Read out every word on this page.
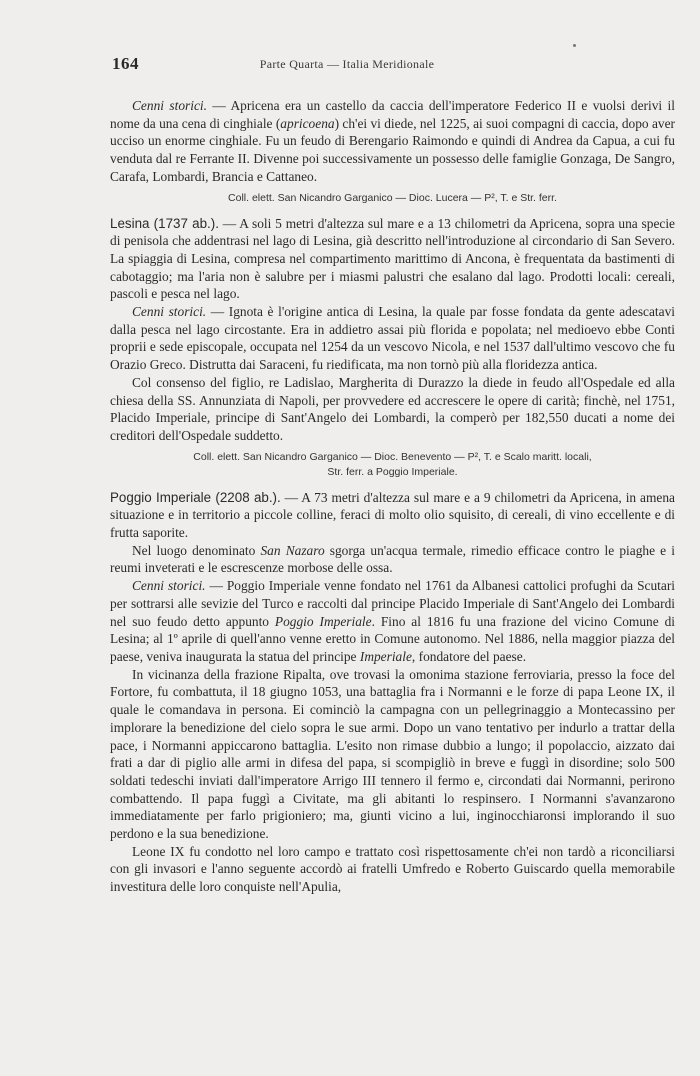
164	Parte Quarta — Italia Meridionale

Cenni storici. — Apricena era un castello da caccia dell'imperatore Federico II e vuolsi derivi il nome da una cena di cinghiale (apricoena) ch'ei vi diede, nel 1225, ai suoi compagni di caccia, dopo aver ucciso un enorme cinghiale. Fu un feudo di Berengario Raimondo e quindi di Andrea da Capua, a cui fu venduta dal re Ferrante II. Divenne poi successivamente un possesso delle famiglie Gonzaga, De Sangro, Carafa, Lombardi, Brancia e Cattaneo.

Coll. elett. San Nicandro Garganico — Dioc. Lucera — P², T. e Str. ferr.

Lesina (1737 ab.). — A soli 5 metri d'altezza sul mare e a 13 chilometri da Apricena, sopra una specie di penisola che addentrasi nel lago di Lesina, già descritto nell'introduzione al circondario di San Severo. La spiaggia di Lesina, compresa nel compartimento marittimo di Ancona, è frequentata da bastimenti di cabotaggio; ma l'aria non è salubre per i miasmi palustri che esalano dal lago. Prodotti locali: cereali, pascoli e pesca nel lago.

Cenni storici. — Ignota è l'origine antica di Lesina, la quale par fosse fondata da gente adescatavi dalla pesca nel lago circostante. Era in addietro assai più florida e popolata; nel medioevo ebbe Conti proprii e sede episcopale, occupata nel 1254 da un vescovo Nicola, e nel 1537 dall'ultimo vescovo che fu Orazio Greco. Distrutta dai Saraceni, fu riedificata, ma non tornò più alla floridezza antica.

Col consenso del figlio, re Ladislao, Margherita di Durazzo la diede in feudo all'Ospedale ed alla chiesa della SS. Annunziata di Napoli, per provvedere ed accrescere le opere di carità; finchè, nel 1751, Placido Imperiale, principe di Sant'Angelo dei Lombardi, la comperò per 182,550 ducati a nome dei creditori dell'Ospedale suddetto.

Coll. elett. San Nicandro Garganico — Dioc. Benevento — P², T. e Scalo maritt. locali,
Str. ferr. a Poggio Imperiale.

Poggio Imperiale (2208 ab.). — A 73 metri d'altezza sul mare e a 9 chilometri da Apricena, in amena situazione e in territorio a piccole colline, feraci di molto olio squisito, di cereali, di vino eccellente e di frutta saporite.

Nel luogo denominato San Nazaro sgorga un'acqua termale, rimedio efficace contro le piaghe e i reumi inveterati e le escrescenze morbose delle ossa.

Cenni storici. — Poggio Imperiale venne fondato nel 1761 da Albanesi cattolici profughi da Scutari per sottrarsi alle sevizie del Turco e raccolti dal principe Placido Imperiale di Sant'Angelo dei Lombardi nel suo feudo detto appunto Poggio Imperiale. Fino al 1816 fu una frazione del vicino Comune di Lesina; al 1º aprile di quell'anno venne eretto in Comune autonomo. Nel 1886, nella maggior piazza del paese, veniva inaugurata la statua del principe Imperiale, fondatore del paese.

In vicinanza della frazione Ripalta, ove trovasi la omonima stazione ferroviaria, presso la foce del Fortore, fu combattuta, il 18 giugno 1053, una battaglia fra i Normanni e le forze di papa Leone IX, il quale le comandava in persona. Ei cominciò la campagna con un pellegrinaggio a Montecassino per implorare la benedizione del cielo sopra le sue armi. Dopo un vano tentativo per indurlo a trattar della pace, i Normanni appiccarono battaglia. L'esito non rimase dubbio a lungo; il popolaccio, aizzato dai frati a dar di piglio alle armi in difesa del papa, si scompigliò in breve e fuggì in disordine; solo 500 soldati tedeschi inviati dall'imperatore Arrigo III tennero il fermo e, circondati dai Normanni, perirono combattendo. Il papa fuggì a Civitate, ma gli abitanti lo respinsero. I Normanni s'avanzarono immediatamente per farlo prigioniero; ma, giunti vicino a lui, inginocchiaronsi implorando il suo perdono e la sua benedizione.

Leone IX fu condotto nel loro campo e trattato così rispettosamente ch'ei non tardò a riconciliarsi con gli invasori e l'anno seguente accordò ai fratelli Umfredo e Roberto Guiscardo quella memorabile investitura delle loro conquiste nell'Apulia,
